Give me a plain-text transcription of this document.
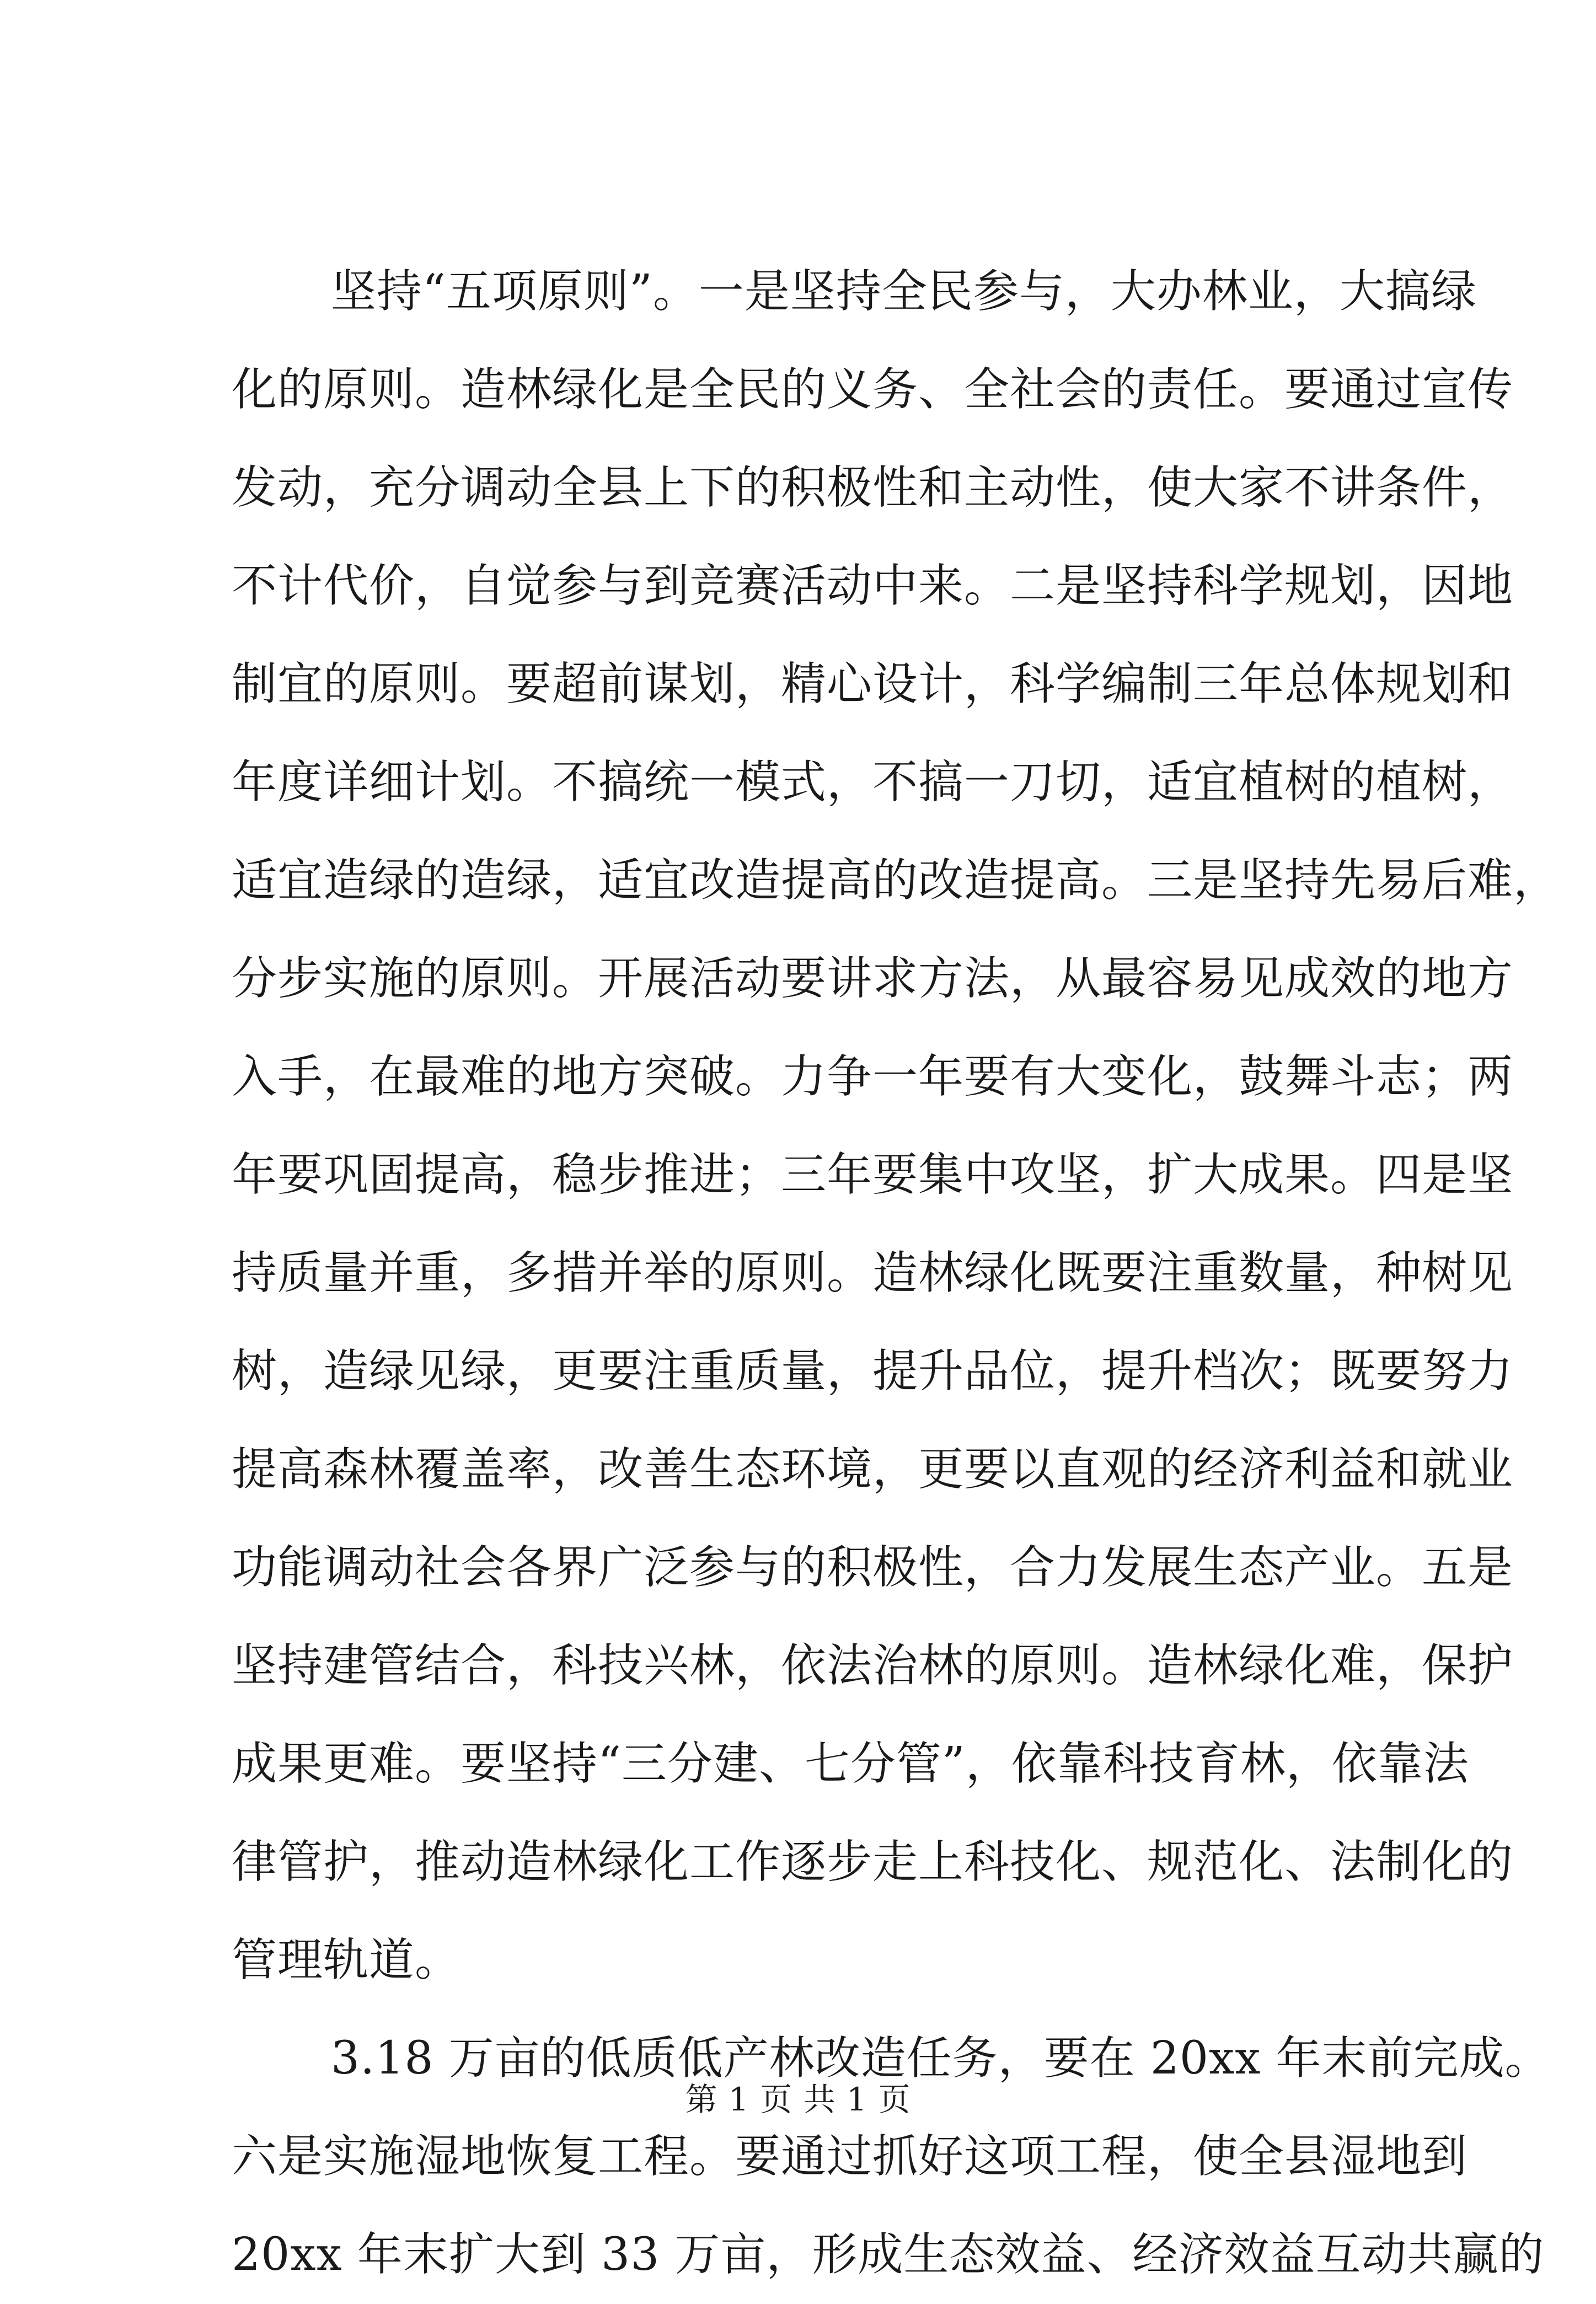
坚持“五项原则”。一是坚持全民参与，大办林业，大搞绿
化的原则。造林绿化是全民的义务、全社会的责任。要通过宣传
发动，充分调动全县上下的积极性和主动性，使大家不讲条件，
不计代价，自觉参与到竞赛活动中来。二是坚持科学规划，因地
制宜的原则。要超前谋划，精心设计，科学编制三年总体规划和
年度详细计划。不搞统一模式，不搞一刀切，适宜植树的植树，
适宜造绿的造绿，适宜改造提高的改造提高。三是坚持先易后难，
分步实施的原则。开展活动要讲求方法，从最容易见成效的地方
入手，在最难的地方突破。力争一年要有大变化，鼓舞斗志；两
年要巩固提高，稳步推进；三年要集中攻坚，扩大成果。四是坚
持质量并重，多措并举的原则。造林绿化既要注重数量，种树见
树，造绿见绿，更要注重质量，提升品位，提升档次；既要努力
提高森林覆盖率，改善生态环境，更要以直观的经济利益和就业
功能调动社会各界广泛参与的积极性，合力发展生态产业。五是
坚持建管结合，科技兴林，依法治林的原则。造林绿化难，保护
成果更难。要坚持“三分建、七分管”，依靠科技育林，依靠法
律管护，推动造林绿化工作逐步走上科技化、规范化、法制化的
管理轨道。
3.18 万亩的低质低产林改造任务，要在 20xx 年末前完成。
六是实施湿地恢复工程。要通过抓好这项工程，使全县湿地到
20xx 年末扩大到 33 万亩，形成生态效益、经济效益互动共赢的
第 1 页 共 1 页
